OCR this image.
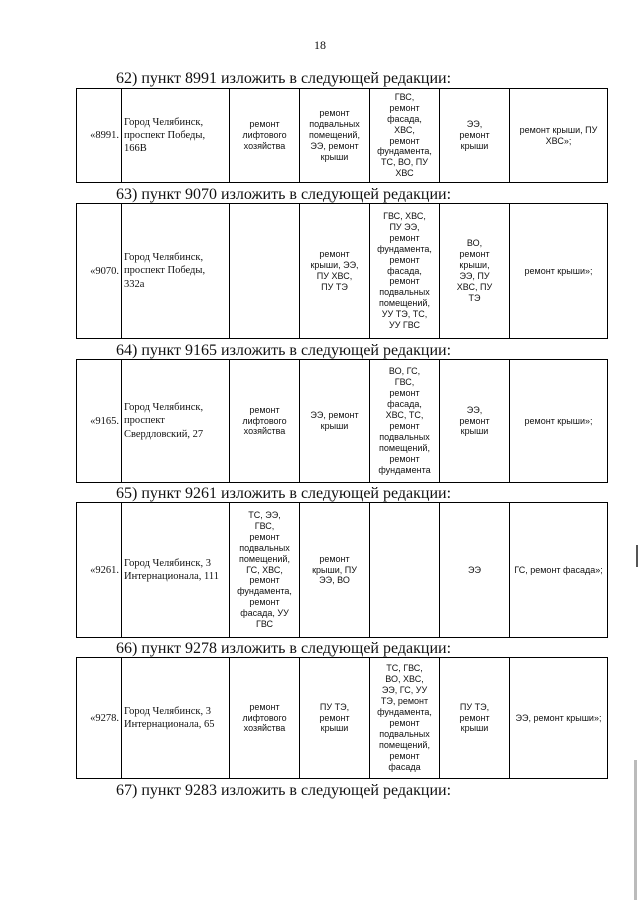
18
62) пункт 8991 изложить в следующей редакции:
«8991.	Город Челябинск, проспект Победы, 166В	ремонт лифтового хозяйства	ремонт подвальных помещений, ЭЭ, ремонт крыши	ГВС,
ремонт
фасада,
ХВС,
ремонт
фундамента,
ТС, ВО, ПУ
ХВС	ЭЭ,
ремонт
крыши	ремонт крыши, ПУ ХВС»;
63) пункт 9070 изложить в следующей редакции:
«9070.	Город Челябинск, проспект Победы, 332а		ремонт
крыши, ЭЭ,
ПУ ХВС,
ПУ ТЭ	ГВС, ХВС,
ПУ ЭЭ,
ремонт
фундамента,
ремонт
фасада,
ремонт
подвальных
помещений,
УУ ТЭ, ТС,
УУ ГВС	ВО,
ремонт
крыши,
ЭЭ, ПУ
ХВС, ПУ
ТЭ	ремонт крыши»;
64) пункт 9165 изложить в следующей редакции:
«9165.	Город Челябинск, проспект Свердловский, 27	ремонт
лифтового
хозяйства	ЭЭ, ремонт
крыши	ВО, ГС,
ГВС,
ремонт
фасада,
ХВС, ТС,
ремонт
подвальных
помещений,
ремонт
фундамента	ЭЭ,
ремонт
крыши	ремонт крыши»;
65) пункт 9261 изложить в следующей редакции:
«9261.	Город Челябинск, 3 Интернационала, 111	ТС, ЭЭ,
ГВС,
ремонт
подвальных
помещений,
ГС, ХВС,
ремонт
фундамента,
ремонт
фасада, УУ
ГВС	ремонт
крыши, ПУ
ЭЭ, ВО		ЭЭ	ГС, ремонт фасада»;
66) пункт 9278 изложить в следующей редакции:
«9278.	Город Челябинск, 3 Интернационала, 65	ремонт
лифтового
хозяйства	ПУ ТЭ,
ремонт
крыши	ТС, ГВС,
ВО, ХВС,
ЭЭ, ГС, УУ
ТЭ, ремонт
фундамента,
ремонт
подвальных
помещений,
ремонт
фасада	ПУ ТЭ,
ремонт
крыши	ЭЭ, ремонт крыши»;
67) пункт 9283 изложить в следующей редакции:
